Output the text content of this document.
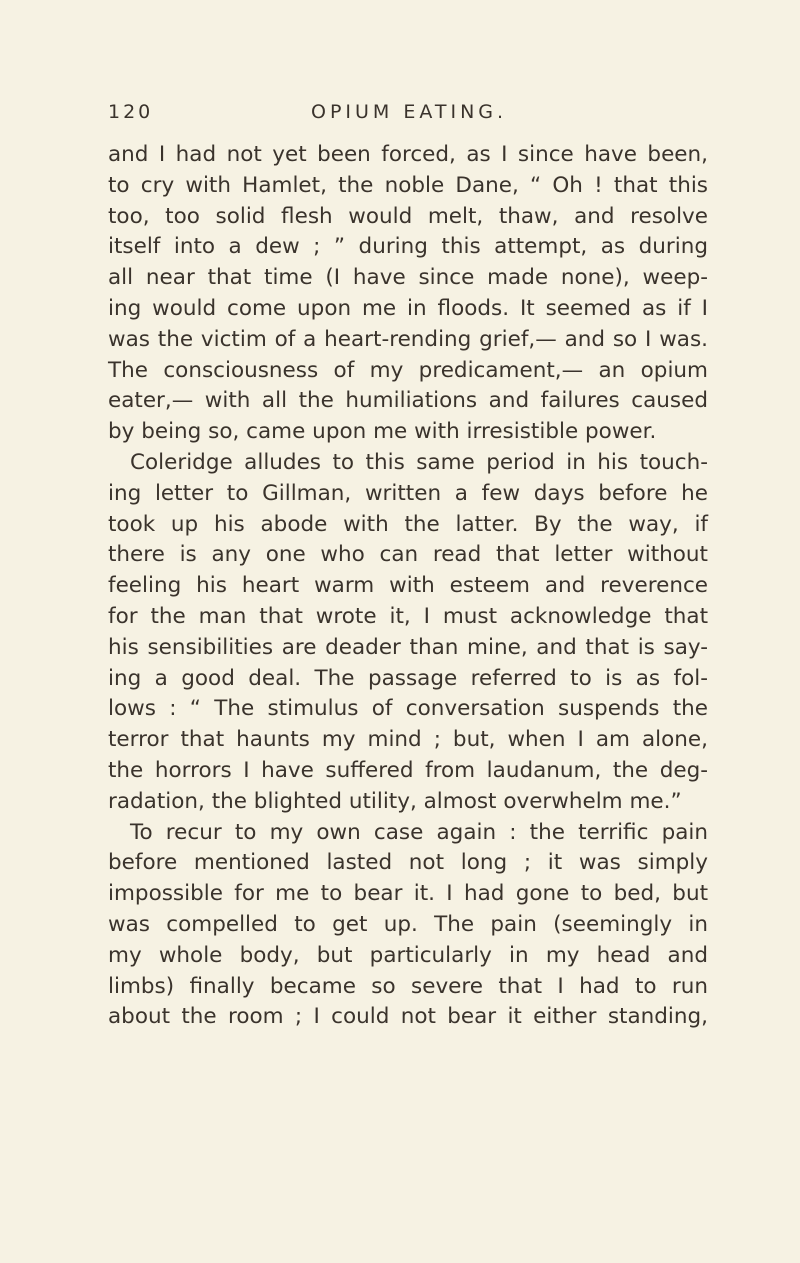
120	OPIUM EATING.
and I had not yet been forced, as I since have been,
to cry with Hamlet, the noble Dane, “ Oh ! that this
too, too solid flesh would melt, thaw, and resolve
itself into a dew ; ” during this attempt, as during
all near that time (I have since made none), weep-
ing would come upon me in floods. It seemed as if I
was the victim of a heart-rending grief,— and so I was.
The consciousness of my predicament,— an opium
eater,— with all the humiliations and failures caused
by being so, came upon me with irresistible power.
Coleridge alludes to this same period in his touch-
ing letter to Gillman, written a few days before he
took up his abode with the latter. By the way, if
there is any one who can read that letter without
feeling his heart warm with esteem and reverence
for the man that wrote it, I must acknowledge that
his sensibilities are deader than mine, and that is say-
ing a good deal. The passage referred to is as fol-
lows : “ The stimulus of conversation suspends the
terror that haunts my mind ; but, when I am alone,
the horrors I have suffered from laudanum, the deg-
radation, the blighted utility, almost overwhelm me.”
To recur to my own case again : the terrific pain
before mentioned lasted not long ; it was simply
impossible for me to bear it. I had gone to bed, but
was compelled to get up. The pain (seemingly in
my whole body, but particularly in my head and
limbs) finally became so severe that I had to run
about the room ; I could not bear it either standing,
